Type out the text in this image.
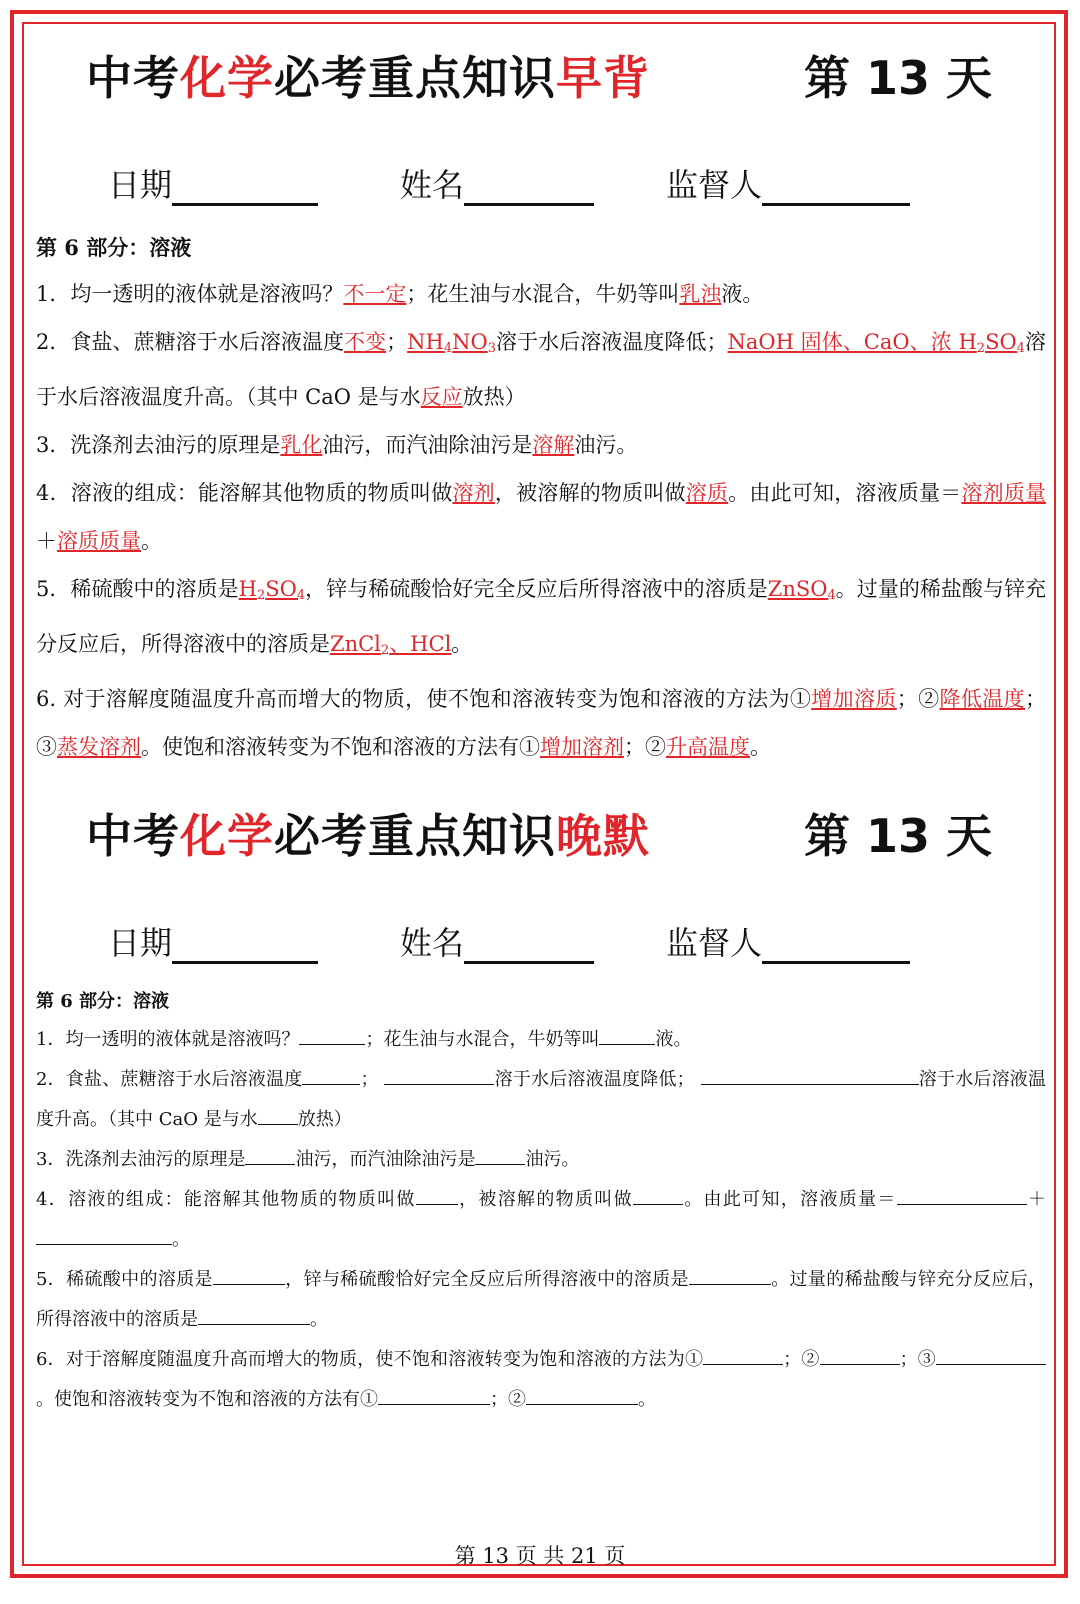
中考化学必考重点知识早背	第 13 天
日期	姓名	监督人
第 6 部分：溶液
1．均一透明的液体就是溶液吗？不一定；花生油与水混合，牛奶等叫乳浊液。
2．食盐、蔗糖溶于水后溶液温度不变；$NH_4NO_3$溶于水后溶液温度降低；NaOH 固体、CaO、浓 $H_2SO_4$溶于水后溶液温度升高。（其中 CaO 是与水反应放热）
3．洗涤剂去油污的原理是乳化油污，而汽油除油污是溶解油污。
4．溶液的组成：能溶解其他物质的物质叫做溶剂，被溶解的物质叫做溶质。由此可知，溶液质量＝溶剂质量＋溶质质量。
5．稀硫酸中的溶质是$H_2SO_4$，锌与稀硫酸恰好完全反应后所得溶液中的溶质是ZnSO$_4$。过量的稀盐酸与锌充分反应后，所得溶液中的溶质是ZnCl$_2$、HCl。
6. 对于溶解度随温度升高而增大的物质，使不饱和溶液转变为饱和溶液的方法为①增加溶质；②降低温度；③蒸发溶剂。使饱和溶液转变为不饱和溶液的方法有①增加溶剂；②升高温度。
中考化学必考重点知识晚默	第 13 天
日期	姓名	监督人
第 6 部分：溶液
1．均一透明的液体就是溶液吗？	；花生油与水混合，牛奶等叫	液。
2．食盐、蔗糖溶于水后溶液温度	；	溶于水后溶液温度降低；	溶于水后溶液温度升高。（其中 CaO 是与水 放热）
3．洗涤剂去油污的原理是	油污，而汽油除油污是	油污。
4．溶液的组成：能溶解其他物质的物质叫做 ，被溶解的物质叫做	。由此可知，溶液质量＝	＋。
5．稀硫酸中的溶质是	，锌与稀硫酸恰好完全反应后所得溶液中的溶质是	。过量的稀盐酸与锌充分反应后，所得溶液中的溶质是	。
6．对于溶解度随温度升高而增大的物质，使不饱和溶液转变为饱和溶液的方法为①	；②	；③。使饱和溶液转变为不饱和溶液的方法有①	；②	。
第 13 页 共 21 页
